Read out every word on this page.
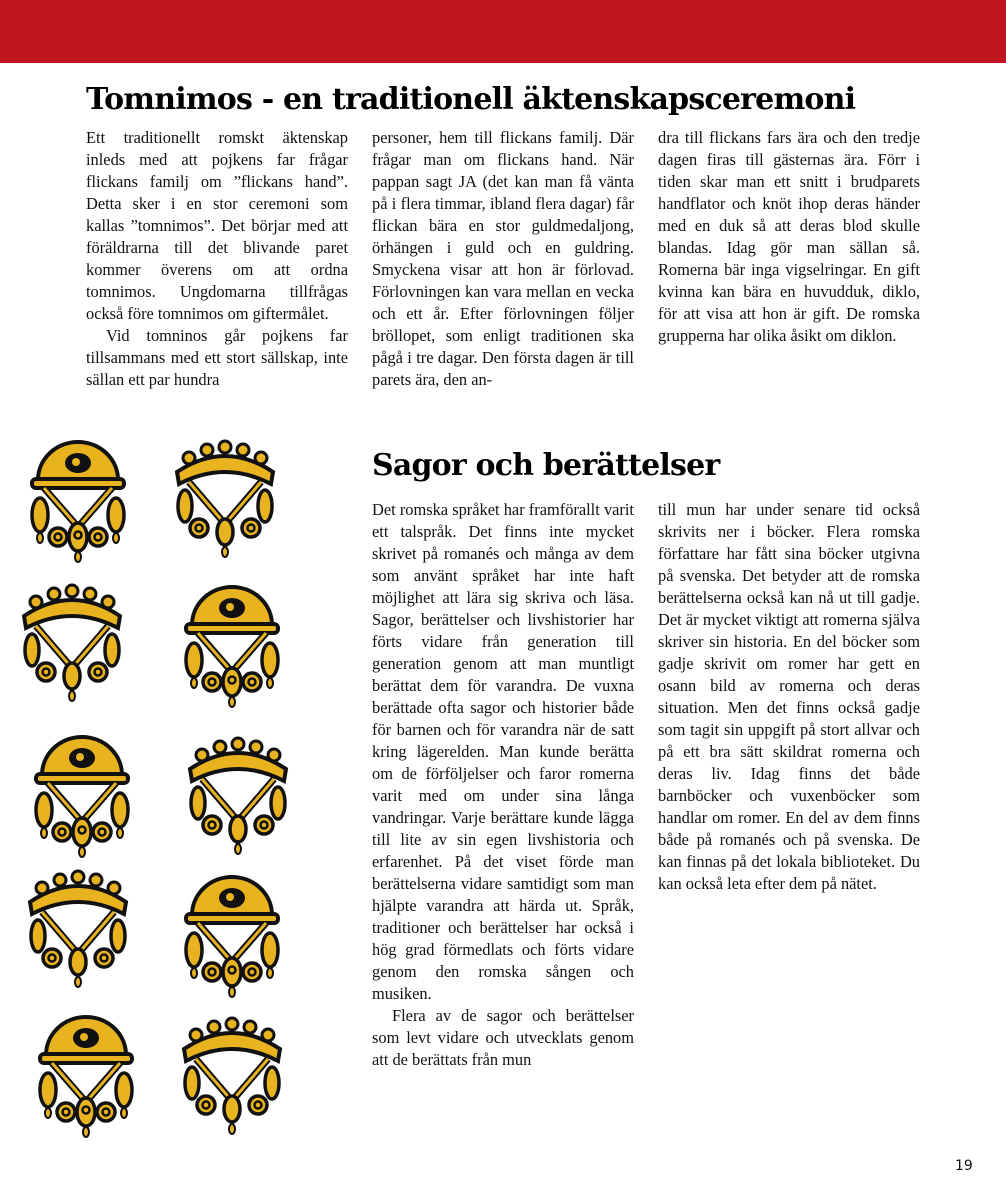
Tomnimos - en traditionell äktenskapsceremoni

Ett traditionellt romskt äktenskap inleds med att pojkens far frågar flickans familj om ”flickans hand”. Detta sker i en stor ceremoni som kallas ”tomnimos”. Det börjar med att föräldrarna till det blivande paret kommer överens om att ordna tomnimos. Ungdomarna tillfrågas också före tomnimos om giftermålet.

Vid tomninos går pojkens far tillsammans med ett stort sällskap, inte sällan ett par hundra

personer, hem till flickans familj. Där frågar man om flickans hand. När pappan sagt JA (det kan man få vänta på i flera timmar, ibland flera dagar) får flickan bära en stor guldmedaljong, örhängen i guld och en guldring. Smyckena visar att hon är förlovad. Förlovningen kan vara mellan en vecka och ett år. Efter förlovningen följer bröllopet, som enligt traditionen ska pågå i tre dagar. Den första dagen är till parets ära, den an-

dra till flickans fars ära och den tredje dagen firas till gästernas ära. Förr i tiden skar man ett snitt i brudparets handflator och knöt ihop deras händer med en duk så att deras blod skulle blandas. Idag gör man sällan så. Romerna bär inga vigselringar. En gift kvinna kan bära en huvudduk, diklo, för att visa att hon är gift. De romska grupperna har olika åsikt om diklon.

Sagor och berättelser

Det romska språket har framförallt varit ett talspråk. Det finns inte mycket skrivet på romanés och många av dem som använt språket har inte haft möjlighet att lära sig skriva och läsa. Sagor, berättelser och livshistorier har förts vidare från generation till generation genom att man muntligt berättat dem för varandra. De vuxna berättade ofta sagor och historier både för barnen och för varandra när de satt kring lägerelden. Man kunde berätta om de förföljelser och faror romerna varit med om under sina långa vandringar. Varje berättare kunde lägga till lite av sin egen livshistoria och erfarenhet. På det viset förde man berättelserna vidare samtidigt som man hjälpte varandra att härda ut. Språk, traditioner och berättelser har också i hög grad förmedlats och förts vidare genom den romska sången och musiken.

Flera av de sagor och berättelser som levt vidare och utvecklats genom att de berättats från mun

till mun har under senare tid också skrivits ner i böcker. Flera romska författare har fått sina böcker utgivna på svenska. Det betyder att de romska berättelserna också kan nå ut till gadje. Det är mycket viktigt att romerna själva skriver sin historia. En del böcker som gadje skrivit om romer har gett en osann bild av romerna och deras situation. Men det finns också gadje som tagit sin uppgift på stort allvar och på ett bra sätt skildrat romerna och deras liv. Idag finns det både barnböcker och vuxenböcker som handlar om romer. En del av dem finns både på romanés och på svenska. De kan finnas på det lokala biblioteket. Du kan också leta efter dem på nätet.

19
